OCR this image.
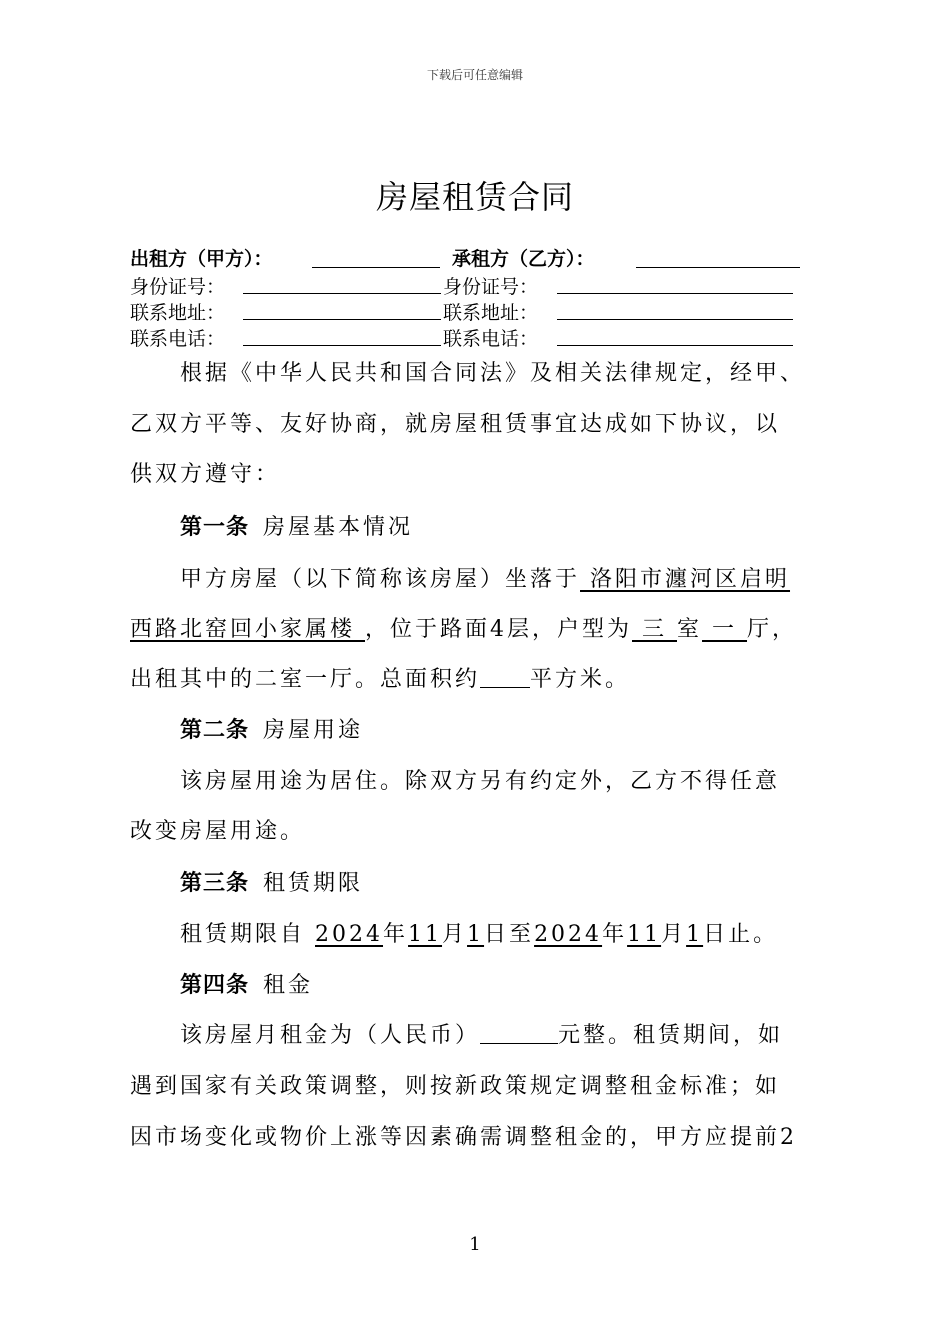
下载后可任意编辑
房屋租赁合同
出租方（甲方）：	承租方（乙方）：
身份证号：	身份证号：
联系地址：	联系地址：
联系电话：	联系电话：
根据《中华人民共和国合同法》及相关法律规定，经甲、
乙双方平等、友好协商，就房屋租赁事宜达成如下协议，以
供双方遵守：
第一条 房屋基本情况
甲方房屋（以下简称该房屋）坐落于 洛阳市瀍河区启明
西路北窑回小家属楼 ，位于路面4层，户型为 三 室 一 厅，
出租其中的二室一厅。总面积约 平方米。
第二条 房屋用途
该房屋用途为居住。除双方另有约定外，乙方不得任意
改变房屋用途。
第三条 租赁期限
租赁期限自 2024年11月1日至2024年11月1日止。
第四条 租金
该房屋月租金为（人民币）	元整。租赁期间，如
遇到国家有关政策调整，则按新政策规定调整租金标准；如
因市场变化或物价上涨等因素确需调整租金的，甲方应提前2
1
